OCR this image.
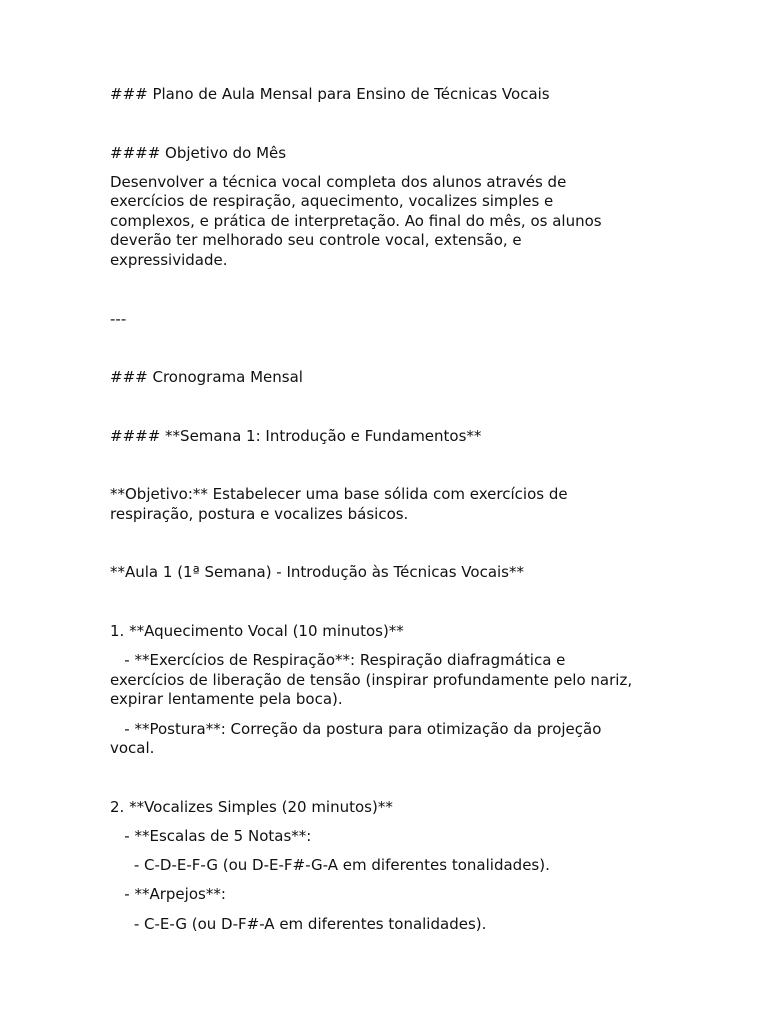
### Plano de Aula Mensal para Ensino de Técnicas Vocais

#### Objetivo do Mês

Desenvolver a técnica vocal completa dos alunos através de

exercícios de respiração, aquecimento, vocalizes simples e

complexos, e prática de interpretação. Ao final do mês, os alunos

deverão ter melhorado seu controle vocal, extensão, e

expressividade.

---

### Cronograma Mensal

#### **Semana 1: Introdução e Fundamentos**

**Objetivo:** Estabelecer uma base sólida com exercícios de

respiração, postura e vocalizes básicos.

**Aula 1 (1ª Semana) - Introdução às Técnicas Vocais**

1. **Aquecimento Vocal (10 minutos)**

- **Exercícios de Respiração**: Respiração diafragmática e

exercícios de liberação de tensão (inspirar profundamente pelo nariz,

expirar lentamente pela boca).

- **Postura**: Correção da postura para otimização da projeção

vocal.

2. **Vocalizes Simples (20 minutos)**

- **Escalas de 5 Notas**:

- C-D-E-F-G (ou D-E-F#-G-A em diferentes tonalidades).

- **Arpejos**:

- C-E-G (ou D-F#-A em diferentes tonalidades).
